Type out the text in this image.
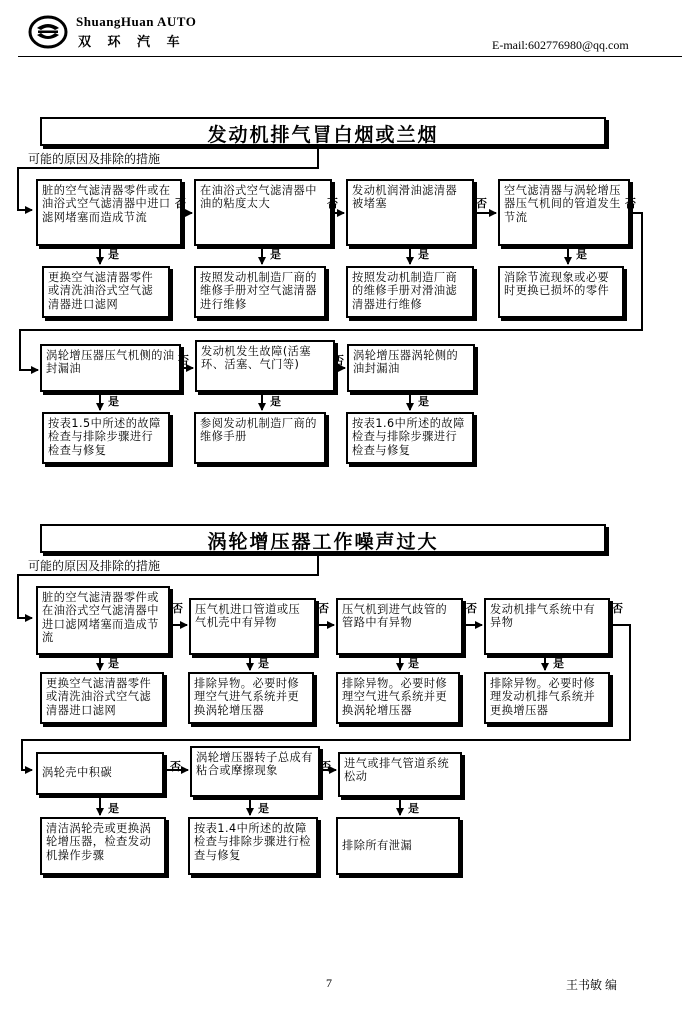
ShuangHuan AUTO
双 环 汽 车	E-mail:602776980@qq.com
发动机排气冒白烟或兰烟
可能的原因及排除的措施
脏的空气滤清器零件或在油浴式空气滤清器中进口滤网堵塞而造成节流
在油浴式空气滤清器中油的粘度太大
发动机润滑油滤清器被堵塞
空气滤清器与涡轮增压器压气机间的管道发生节流
否	否	否	否
是	是	是	是
更换空气滤清器零件或清洗油浴式空气滤清器进口滤网
按照发动机制造厂商的维修手册对空气滤清器进行维修
按照发动机制造厂商的维修手册对滑油滤清器进行维修
消除节流现象或必要时更换已损坏的零件
涡轮增压器压气机侧的油封漏油
发动机发生故障(活塞环、活塞、气门等)
涡轮增压器涡轮侧的油封漏油
否	否
是	是	是
按表1.5中所述的故障检查与排除步骤进行检查与修复
参阅发动机制造厂商的维修手册
按表1.6中所述的故障检查与排除步骤进行检查与修复
涡轮增压器工作噪声过大
可能的原因及排除的措施
脏的空气滤清器零件或在油浴式空气滤清器中进口滤网堵塞而造成节流
压气机进口管道或压气机壳中有异物
压气机到进气歧管的管路中有异物
发动机排气系统中有异物
否	否	否	否
是	是	是	是
更换空气滤清器零件或清洗油浴式空气滤清器进口滤网
排除异物。必要时修理空气进气系统并更换涡轮增压器
排除异物。必要时修理空气进气系统并更换涡轮增压器
排除异物。必要时修理发动机排气系统并更换增压器
涡轮壳中积碳
涡轮增压器转子总成有粘合或摩擦现象
进气或排气管道系统松动
否	否
是	是	是
清洁涡轮壳或更换涡轮增压器，检查发动机操作步骤
按表1.4中所述的故障检查与排除步骤进行检查与修复
排除所有泄漏
7	王书敏 编
